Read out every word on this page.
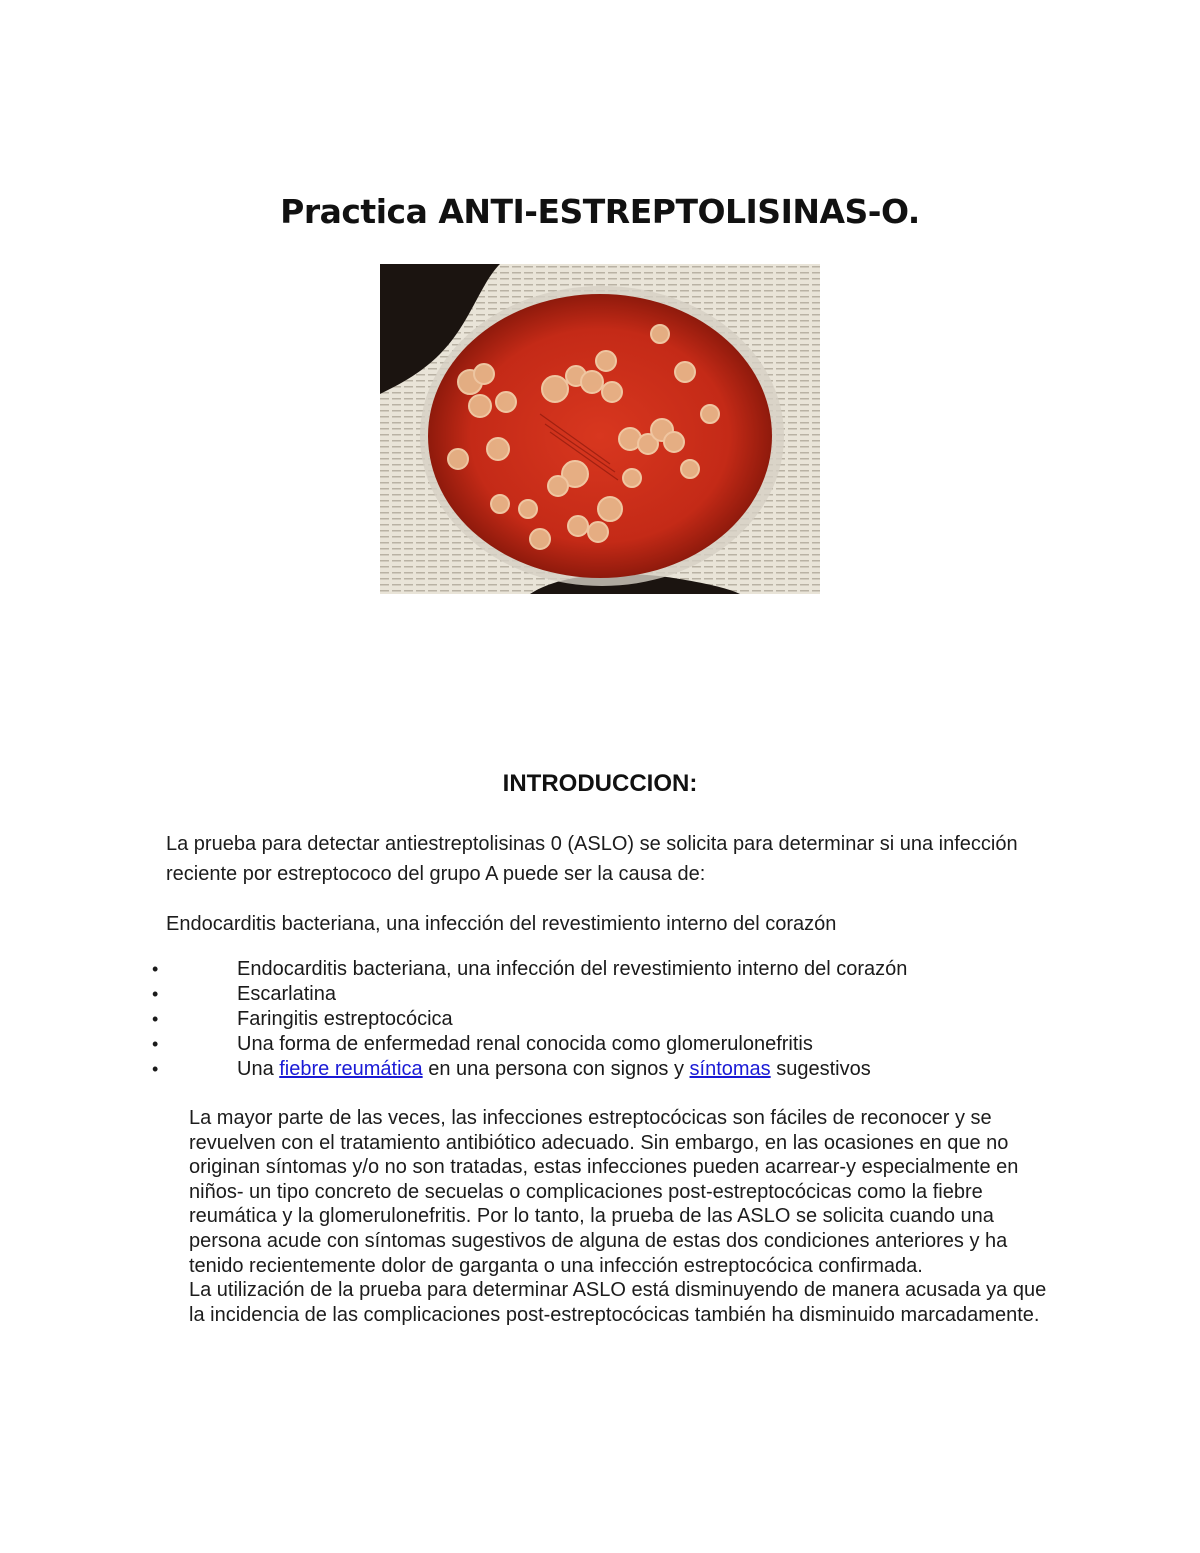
Practica ANTI-ESTREPTOLISINAS-O.
INTRODUCCION:

La prueba para detectar antiestreptolisinas 0 (ASLO) se solicita para determinar si una infección reciente por estreptococo del grupo A puede ser la causa de:

Endocarditis bacteriana, una infección del revestimiento interno del corazón

•	Endocarditis bacteriana, una infección del revestimiento interno del corazón
•	Escarlatina
•	Faringitis estreptocócica
•	Una forma de enfermedad renal conocida como glomerulonefritis
•	Una fiebre reumática en una persona con signos y síntomas sugestivos

La mayor parte de las veces, las infecciones estreptocócicas son fáciles de reconocer y se revuelven con el tratamiento antibiótico adecuado. Sin embargo, en las ocasiones en que no originan síntomas y/o no son tratadas, estas infecciones pueden acarrear-y especialmente en niños- un tipo concreto de secuelas o complicaciones post-estreptocócicas como la fiebre reumática y la glomerulonefritis. Por lo tanto, la prueba de las ASLO se solicita cuando una persona acude con síntomas sugestivos de alguna de estas dos condiciones anteriores y ha tenido recientemente dolor de garganta o una infección estreptocócica confirmada.

La utilización de la prueba para determinar ASLO está disminuyendo de manera acusada ya que la incidencia de las complicaciones post-estreptocócicas también ha disminuido marcadamente.
